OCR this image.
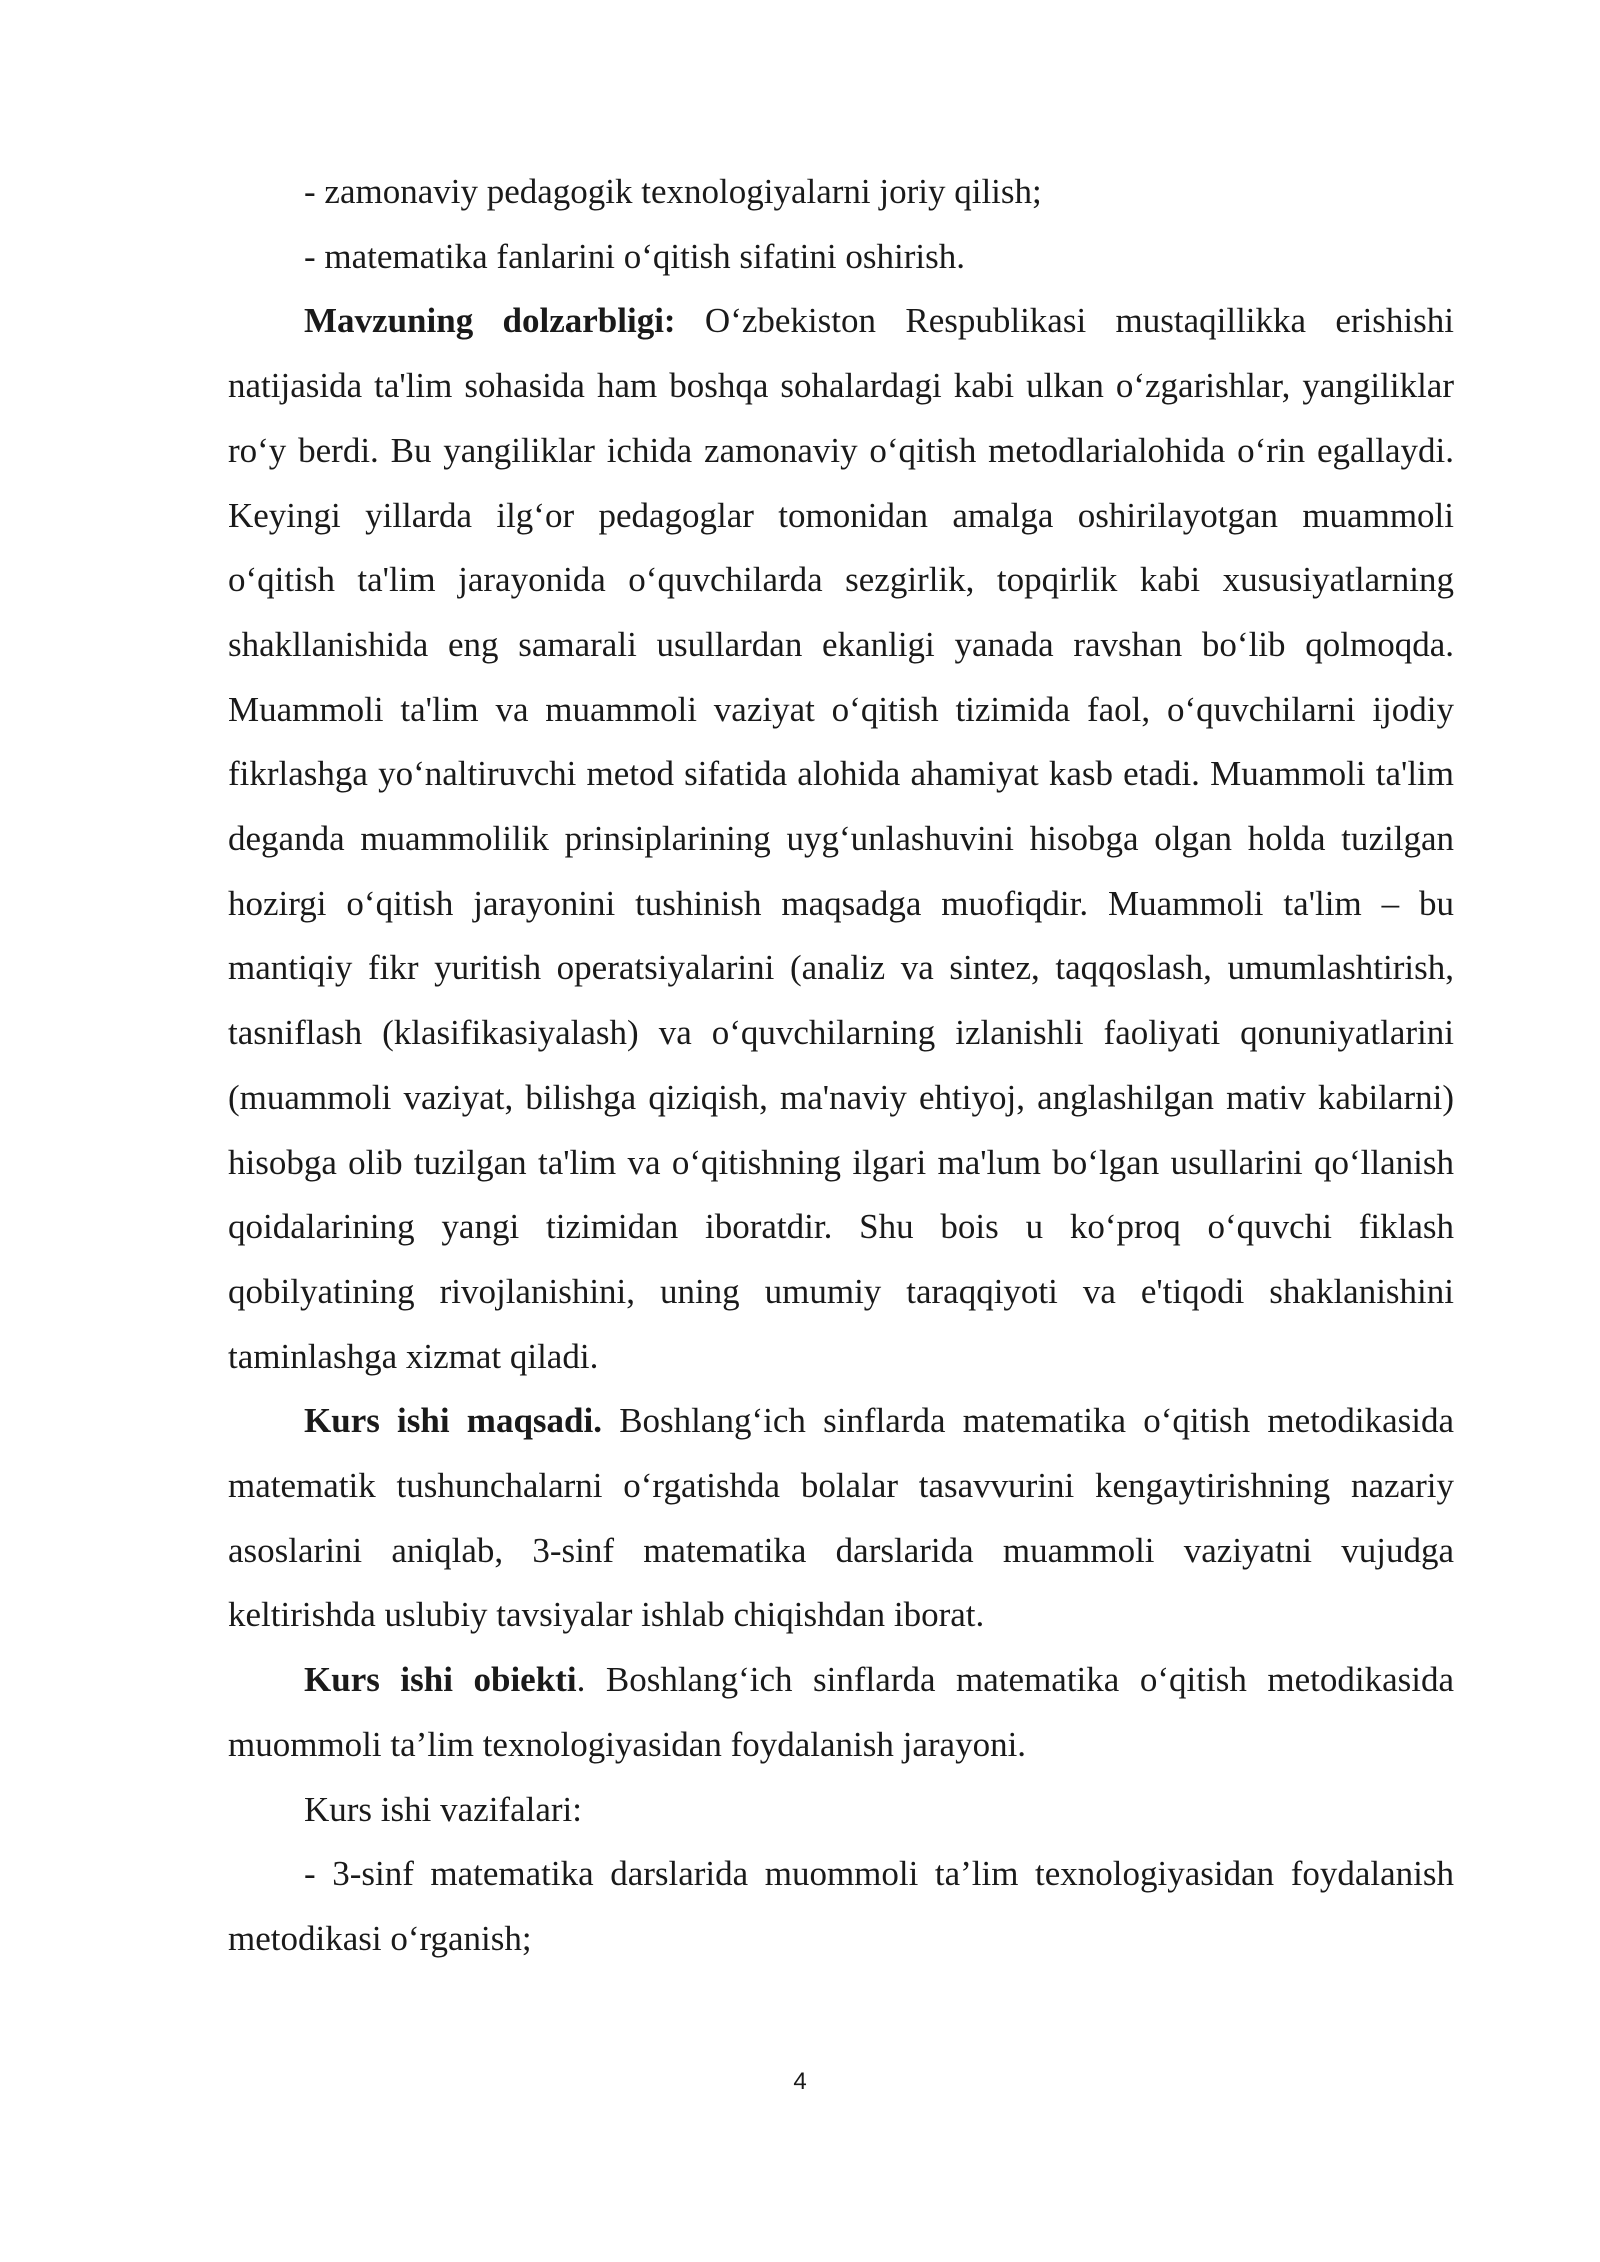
- zamonaviy pedagogik texnologiyalarni joriy qilish;

- matematika fanlarini o‘qitish sifatini oshirish.

Mavzuning dolzarbligi: O‘zbekiston Respublikasi mustaqillikka erishishi natijasida ta'lim sohasida ham boshqa sohalardagi kabi ulkan o‘zgarishlar, yangiliklar ro‘y berdi. Bu yangiliklar ichida zamonaviy o‘qitish metodlarialohida o‘rin egallaydi. Keyingi yillarda ilg‘or pedagoglar tomonidan amalga oshirilayotgan muammoli o‘qitish ta'lim jarayonida o‘quvchilarda sezgirlik, topqirlik kabi xususiyatlarning shakllanishida eng samarali usullardan ekanligi yanada ravshan bo‘lib qolmoqda. Muammoli ta'lim va muammoli vaziyat o‘qitish tizimida faol, o‘quvchilarni ijodiy fikrlashga yo‘naltiruvchi metod sifatida alohida ahamiyat kasb etadi. Muammoli ta'lim deganda muammolilik prinsiplarining uyg‘unlashuvini hisobga olgan holda tuzilgan hozirgi o‘qitish jarayonini tushinish maqsadga muofiqdir. Muammoli ta'lim – bu mantiqiy fikr yuritish operatsiyalarini (analiz va sintez, taqqoslash, umumlashtirish, tasniflash (klasifikasiyalash) va o‘quvchilarning izlanishli faoliyati qonuniyatlarini (muammoli vaziyat, bilishga qiziqish, ma'naviy ehtiyoj, anglashilgan mativ kabilarni) hisobga olib tuzilgan ta'lim va o‘qitishning ilgari ma'lum bo‘lgan usullarini qo‘llanish qoidalarining yangi tizimidan iboratdir. Shu bois u ko‘proq o‘quvchi fiklash qobilyatining rivojlanishini, uning umumiy taraqqiyoti va e'tiqodi shaklanishini taminlashga xizmat qiladi.

Kurs ishi maqsadi. Boshlang‘ich sinflarda matematika o‘qitish metodikasida matematik tushunchalarni o‘rgatishda bolalar tasavvurini kengaytirishning nazariy asoslarini aniqlab, 3-sinf matematika darslarida muammoli vaziyatni vujudga keltirishda uslubiy tavsiyalar ishlab chiqishdan iborat.

Kurs ishi obiekti. Boshlang‘ich sinflarda matematika o‘qitish metodikasida muommoli ta’lim texnologiyasidan foydalanish jarayoni.

Kurs ishi vazifalari:

- 3-sinf matematika darslarida muommoli ta’lim texnologiyasidan foydalanish metodikasi o‘rganish;

4
